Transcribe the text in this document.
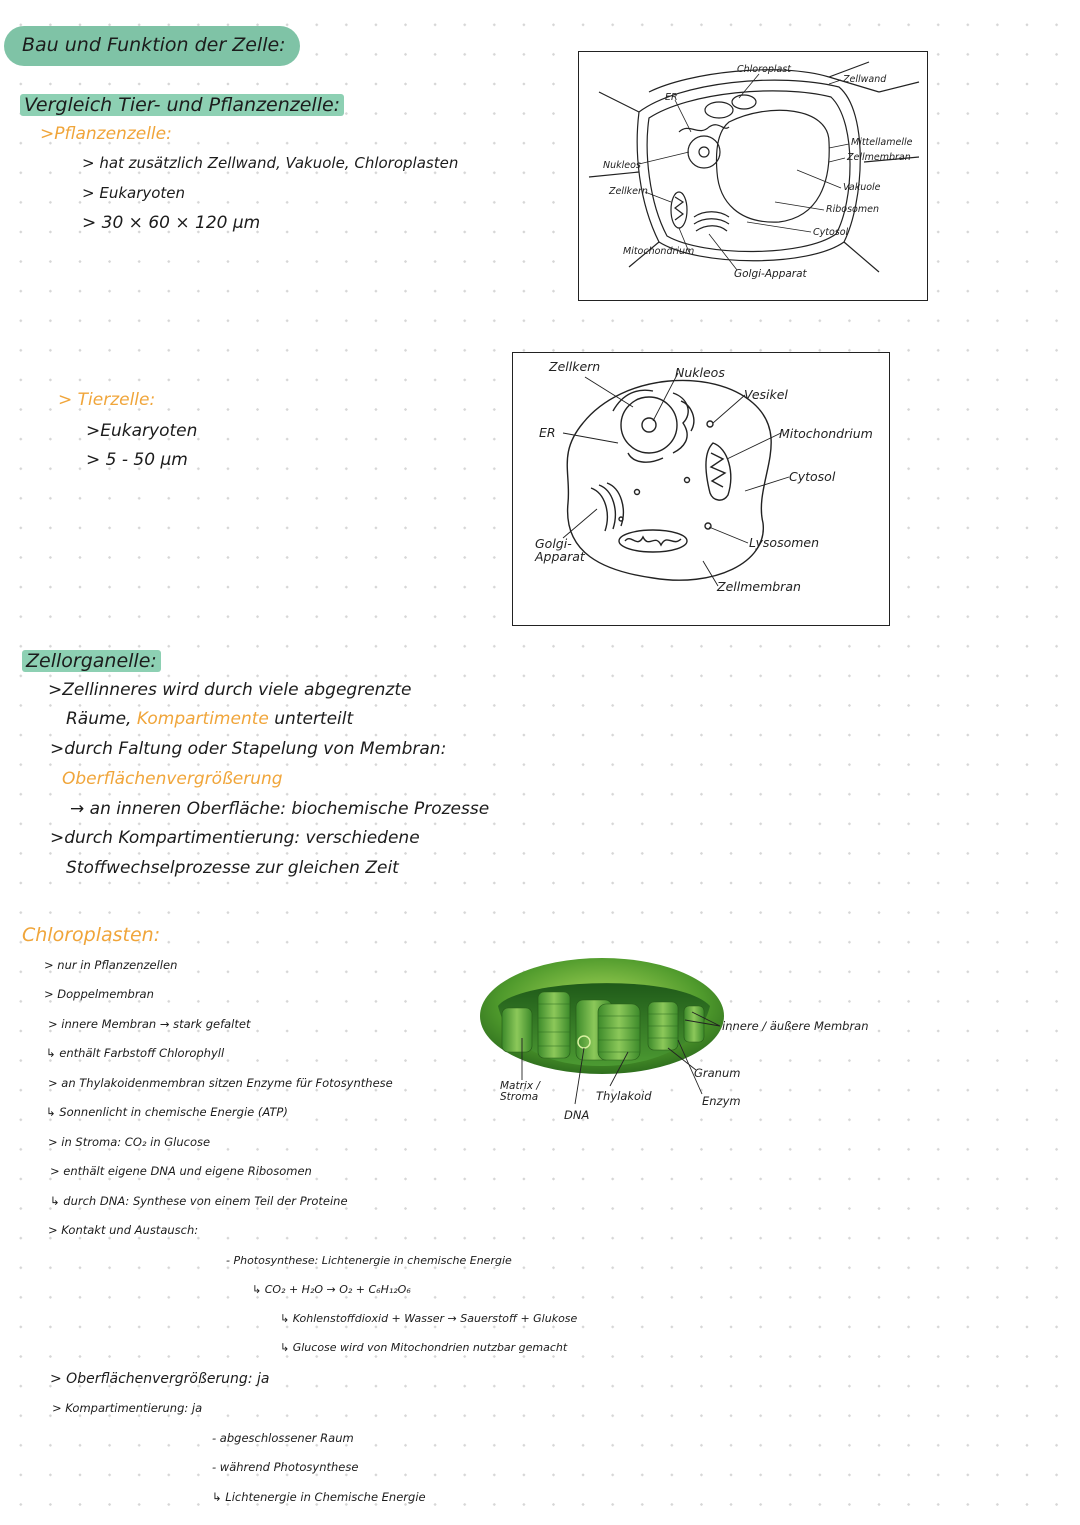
Bau und Funktion der Zelle:
Vergleich Tier- und Pflanzenzelle:
>Pflanzenzelle:
> hat zusätzlich Zellwand, Vakuole, Chloroplasten
> Eukaryoten
> 30 × 60 × 120 µm
> Tierzelle:
>Eukaryoten
> 5 - 50 µm
Chloroplast
Zellwand
ER
Mittellamelle
Zellmembran
Nukleos
Vakuole
Zellkern
Ribosomen
Cytosol
Mitochondrium
Golgi-Apparat
Zellkern	Nukleos
Vesikel
ER	Mitochondrium
Cytosol
Golgi-
Apparat
Lysosomen
Zellmembran
Zellorganelle:
>Zellinneres wird durch viele abgegrenzte
Räume, Kompartimente unterteilt
>durch Faltung oder Stapelung von Membran:
Oberflächenvergrößerung
→ an inneren Oberfläche: biochemische Prozesse
>durch Kompartimentierung: verschiedene
Stoffwechselprozesse zur gleichen Zeit
Chloroplasten:
> nur in Pflanzenzellen
> Doppelmembran
> innere Membran → stark gefaltet
↳ enthält Farbstoff Chlorophyll
> an Thylakoidenmembran sitzen Enzyme für Fotosynthese
↳ Sonnenlicht in chemische Energie (ATP)
> in Stroma: CO₂ in Glucose
> enthält eigene DNA und eigene Ribosomen
↳ durch DNA: Synthese von einem Teil der Proteine
> Kontakt und Austausch:
- Photosynthese: Lichtenergie in chemische Energie
↳ CO₂ + H₂O → O₂ + C₆H₁₂O₆
↳ Kohlenstoffdioxid + Wasser → Sauerstoff + Glukose
↳ Glucose wird von Mitochondrien nutzbar gemacht
> Oberflächenvergrößerung: ja
> Kompartimentierung: ja
- abgeschlossener Raum
- während Photosynthese
↳ Lichtenergie in Chemische Energie
innere / äußere Membran
Granum
Enzym
Thylakoid
Matrix /
Stroma
DNA
